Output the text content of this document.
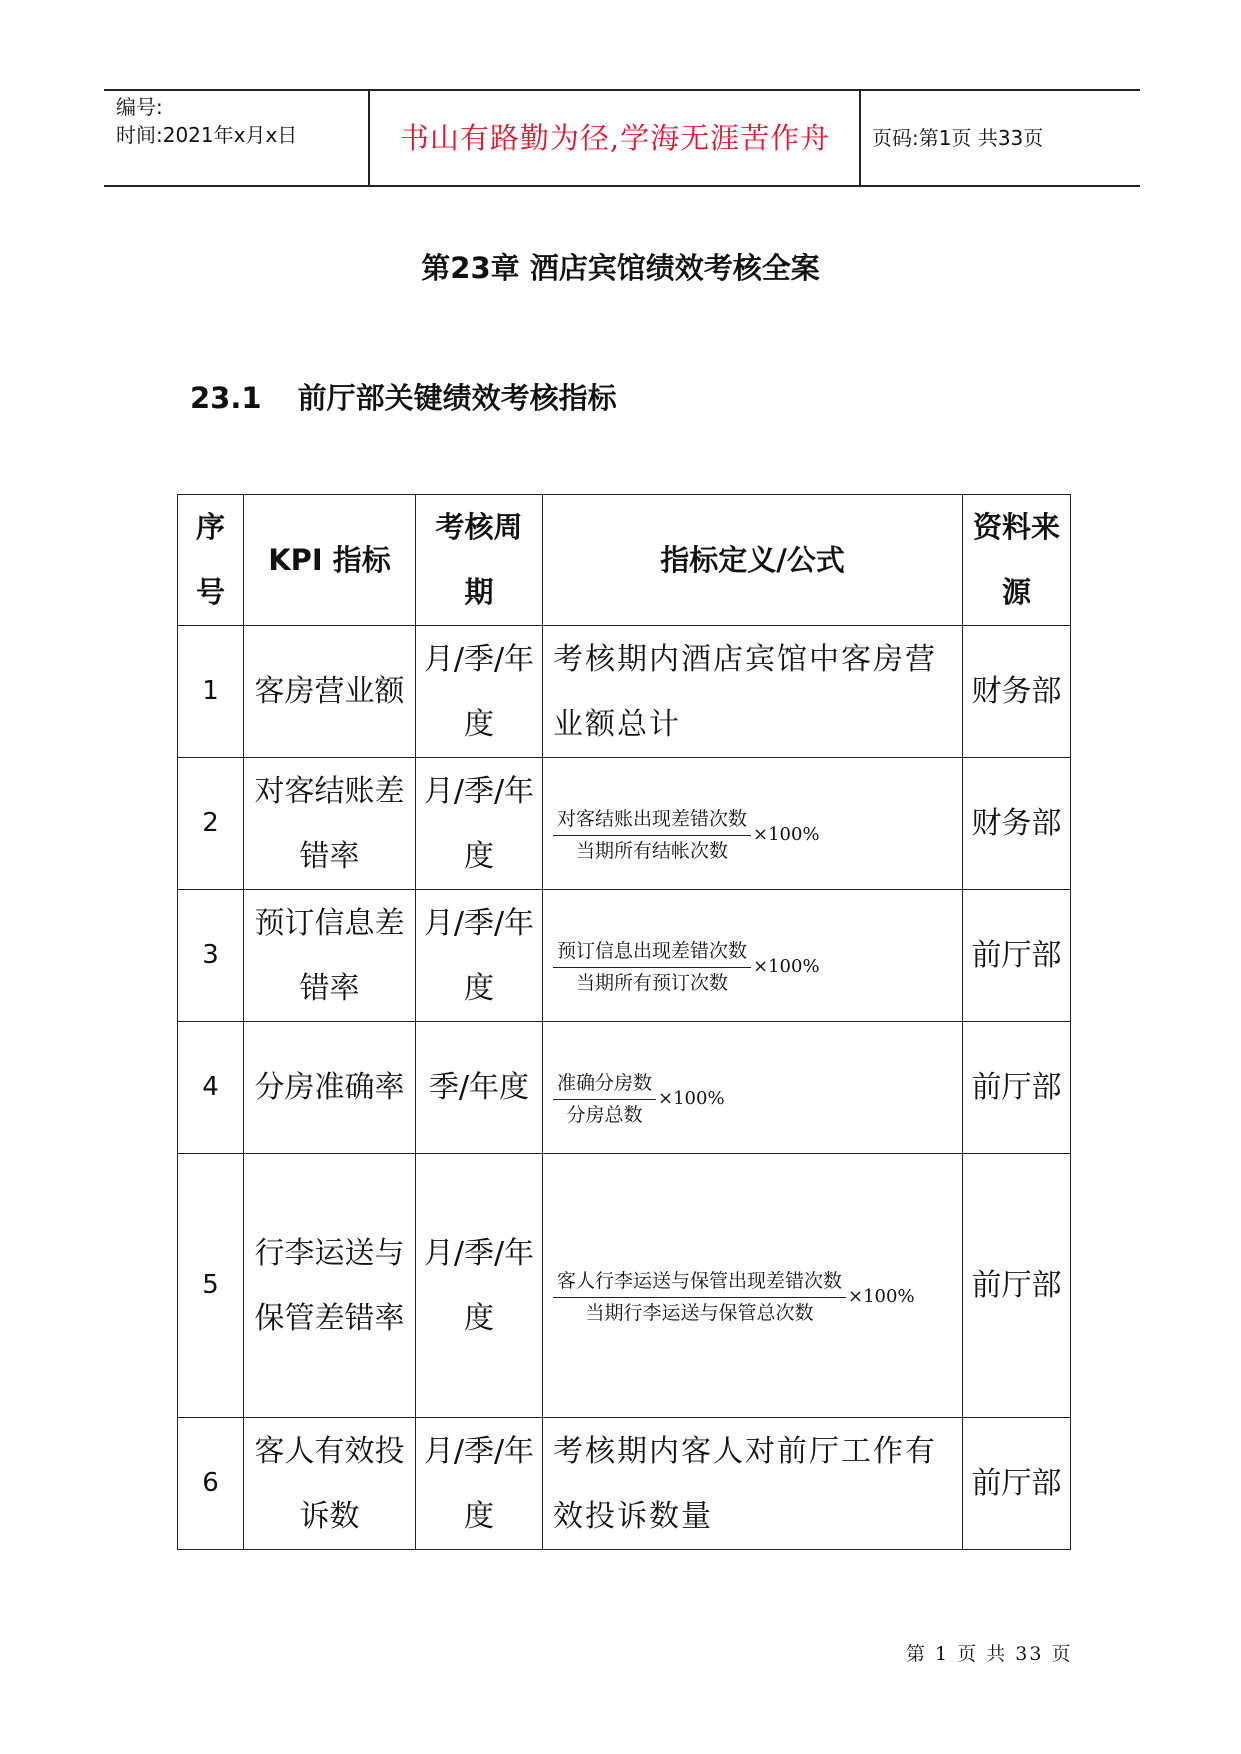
编号:
时间:2021年x月x日	书山有路勤为径,学海无涯苦作舟	页码:第1页 共33页
第23章 酒店宾馆绩效考核全案
23.1 前厅部关键绩效考核指标
序号	KPI 指标	考核周期	指标定义/公式	资料来源
1	客房营业额	月/季/年度	考核期内酒店宾馆中客房营业额总计	财务部
2	对客结账差错率	月/季/年度	$\frac{\text{对客结账出现差错次数}}{\text{当期所有结帐次数}} \times 100\%$	财务部
3	预订信息差错率	月/季/年度	$\frac{\text{预订信息出现差错次数}}{\text{当期所有预订次数}} \times 100\%$	前厅部
4	分房准确率	季/年度	$\frac{\text{准确分房数}}{\text{分房总数}} \times 100\%$	前厅部
5	行李运送与保管差错率	月/季/年度	$\frac{\text{客人行李运送与保管出现差错次数}}{\text{当期行李运送与保管总次数}} \times 100\%$	前厅部
6	客人有效投诉数	月/季/年度	考核期内客人对前厅工作有效投诉数量	前厅部
第 1 页 共 33 页
